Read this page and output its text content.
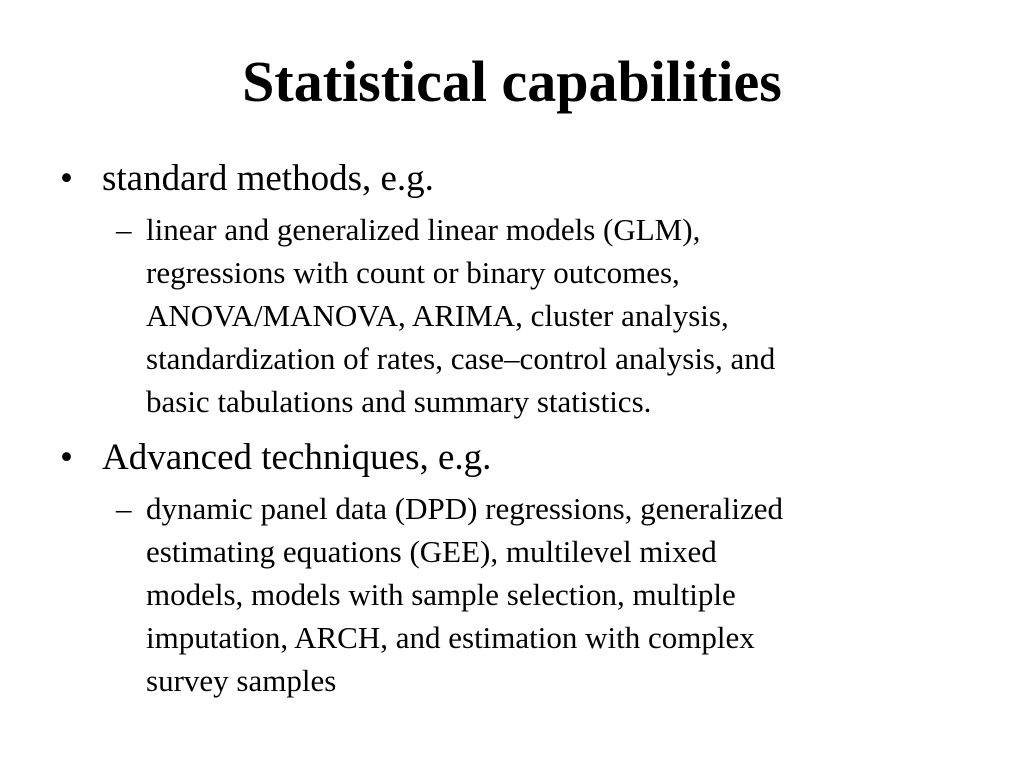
Statistical capabilities
• standard methods, e.g.
– linear and generalized linear models (GLM),
regressions with count or binary outcomes,
ANOVA/MANOVA, ARIMA, cluster analysis,
standardization of rates, case–control analysis, and
basic tabulations and summary statistics.
• Advanced techniques, e.g.
– dynamic panel data (DPD) regressions, generalized
estimating equations (GEE), multilevel mixed
models, models with sample selection, multiple
imputation, ARCH, and estimation with complex
survey samples
